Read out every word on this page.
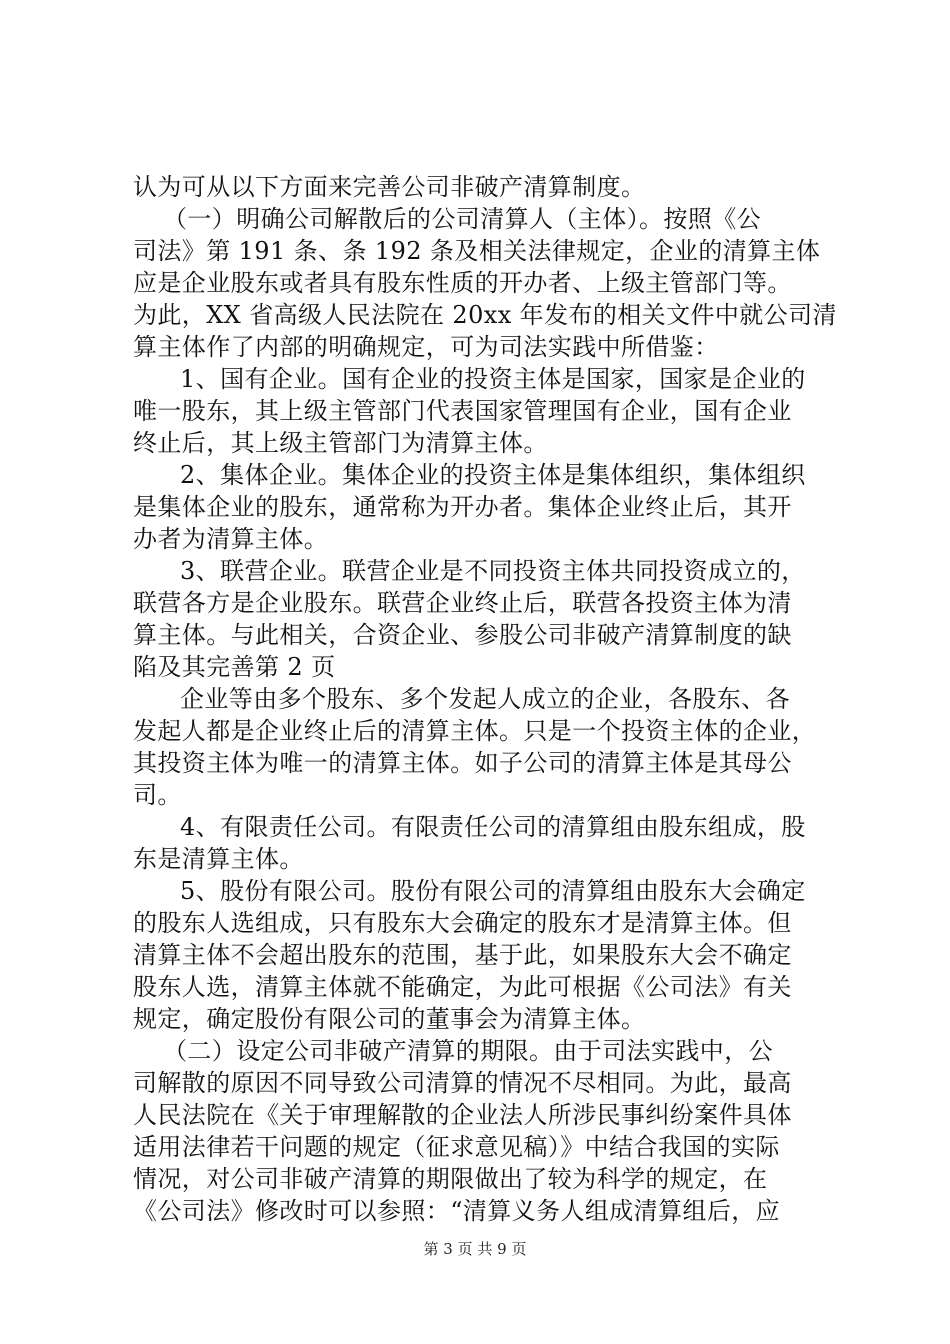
认为可从以下方面来完善公司非破产清算制度。
（一）明确公司解散后的公司清算人（主体）。按照《公
司法》第 191 条、条 192 条及相关法律规定，企业的清算主体
应是企业股东或者具有股东性质的开办者、上级主管部门等。
为此，XX 省高级人民法院在 20xx 年发布的相关文件中就公司清
算主体作了内部的明确规定，可为司法实践中所借鉴：
1、国有企业。国有企业的投资主体是国家，国家是企业的
唯一股东，其上级主管部门代表国家管理国有企业，国有企业
终止后，其上级主管部门为清算主体。
2、集体企业。集体企业的投资主体是集体组织，集体组织
是集体企业的股东，通常称为开办者。集体企业终止后，其开
办者为清算主体。
3、联营企业。联营企业是不同投资主体共同投资成立的，
联营各方是企业股东。联营企业终止后，联营各投资主体为清
算主体。与此相关，合资企业、参股公司非破产清算制度的缺
陷及其完善第 2 页
企业等由多个股东、多个发起人成立的企业，各股东、各
发起人都是企业终止后的清算主体。只是一个投资主体的企业，
其投资主体为唯一的清算主体。如子公司的清算主体是其母公
司。
4、有限责任公司。有限责任公司的清算组由股东组成，股
东是清算主体。
5、股份有限公司。股份有限公司的清算组由股东大会确定
的股东人选组成，只有股东大会确定的股东才是清算主体。但
清算主体不会超出股东的范围，基于此，如果股东大会不确定
股东人选，清算主体就不能确定，为此可根据《公司法》有关
规定，确定股份有限公司的董事会为清算主体。
（二）设定公司非破产清算的期限。由于司法实践中，公
司解散的原因不同导致公司清算的情况不尽相同。为此，最高
人民法院在《关于审理解散的企业法人所涉民事纠纷案件具体
适用法律若干问题的规定（征求意见稿）》中结合我国的实际
情况，对公司非破产清算的期限做出了较为科学的规定，在
《公司法》修改时可以参照：“清算义务人组成清算组后，应
第 3 页 共 9 页
